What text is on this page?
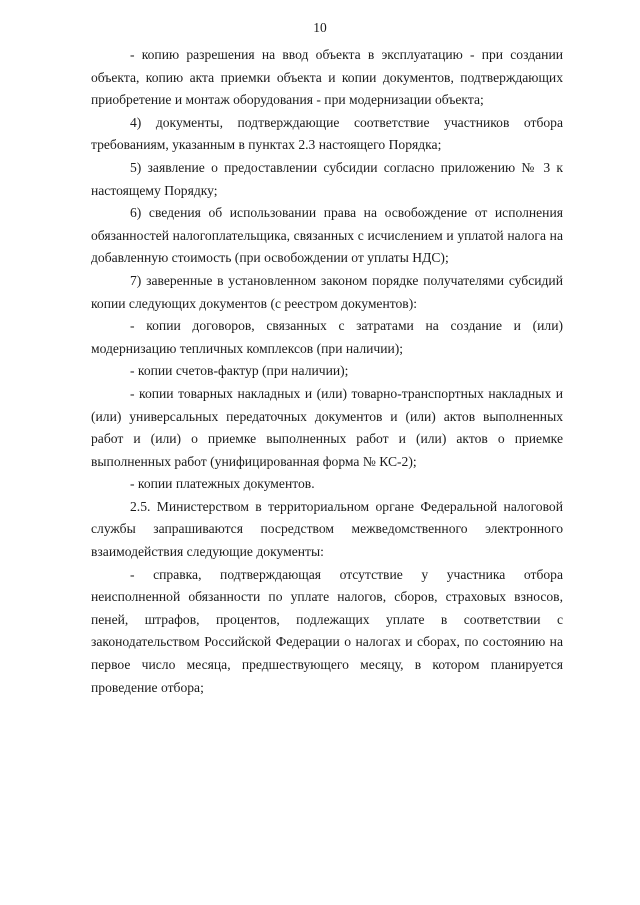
10

- копию разрешения на ввод объекта в эксплуатацию - при создании объекта, копию акта приемки объекта и копии документов, подтверждающих приобретение и монтаж оборудования - при модернизации объекта;

4) документы, подтверждающие соответствие участников отбора требованиям, указанным в пунктах 2.3 настоящего Порядка;

5) заявление о предоставлении субсидии согласно приложению № 3 к настоящему Порядку;

6) сведения об использовании права на освобождение от исполнения обязанностей налогоплательщика, связанных с исчислением и уплатой налога на добавленную стоимость (при освобождении от уплаты НДС);

7) заверенные в установленном законом порядке получателями субсидий копии следующих документов (с реестром документов):

- копии договоров, связанных с затратами на создание и (или) модернизацию тепличных комплексов (при наличии);

- копии счетов-фактур (при наличии);

- копии товарных накладных и (или) товарно-транспортных накладных и (или) универсальных передаточных документов и (или) актов выполненных работ и (или) о приемке выполненных работ и (или) актов о приемке выполненных работ (унифицированная форма № КС-2);

- копии платежных документов.

2.5. Министерством в территориальном органе Федеральной налоговой службы запрашиваются посредством межведомственного электронного взаимодействия следующие документы:

- справка, подтверждающая отсутствие у участника отбора неисполненной обязанности по уплате налогов, сборов, страховых взносов, пеней, штрафов, процентов, подлежащих уплате в соответствии с законодательством Российской Федерации о налогах и сборах, по состоянию на первое число месяца, предшествующего месяцу, в котором планируется проведение отбора;
